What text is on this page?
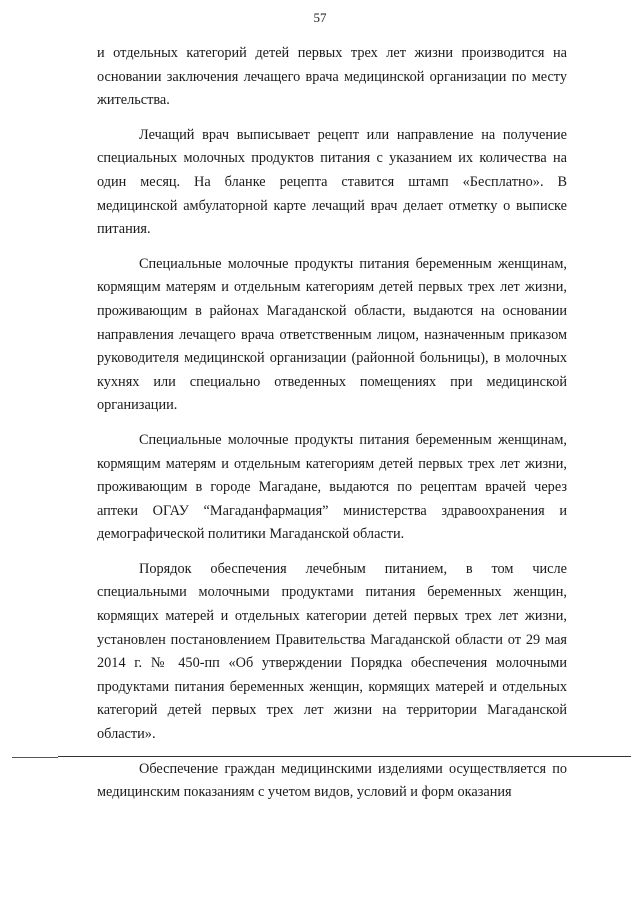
57

и отдельных категорий детей первых трех лет жизни производится на основании заключения лечащего врача медицинской организации по месту жительства.

Лечащий врач выписывает рецепт или направление на получение специальных молочных продуктов питания с указанием их количества на один месяц. На бланке рецепта ставится штамп «Бесплатно». В медицинской амбулаторной карте лечащий врач делает отметку о выписке питания.

Специальные молочные продукты питания беременным женщинам, кормящим матерям и отдельным категориям детей первых трех лет жизни, проживающим в районах Магаданской области, выдаются на основании направления лечащего врача ответственным лицом, назначенным приказом руководителя медицинской организации (районной больницы), в молочных кухнях или специально отведенных помещениях при медицинской организации.

Специальные молочные продукты питания беременным женщинам, кормящим матерям и отдельным категориям детей первых трех лет жизни, проживающим в городе Магадане, выдаются по рецептам врачей через аптеки ОГАУ “Магаданфармация” министерства здравоохранения и демографической политики Магаданской области.

Порядок обеспечения лечебным питанием, в том числе специальными молочными продуктами питания беременных женщин, кормящих матерей и отдельных категории детей первых трех лет жизни, установлен постановлением Правительства Магаданской области от 29 мая 2014 г. № 450-пп «Об утверждении Порядка обеспечения молочными продуктами питания беременных женщин, кормящих матерей и отдельных категорий детей первых трех лет жизни на территории Магаданской области».

Обеспечение граждан медицинскими изделиями осуществляется по медицинским показаниям с учетом видов, условий и форм оказания
